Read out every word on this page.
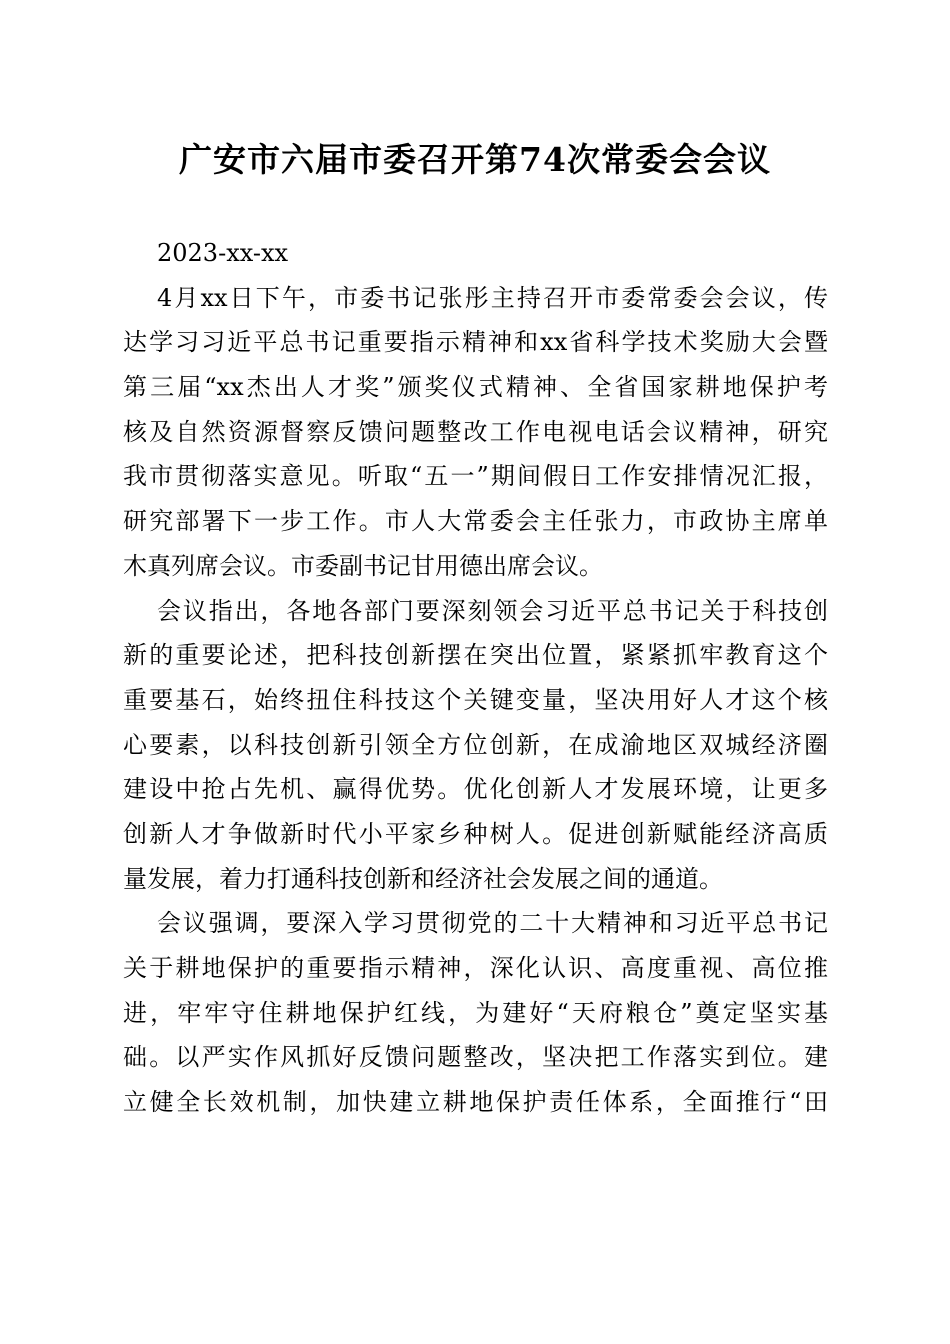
广安市六届市委召开第74次常委会会议
2023-xx-xx
4月xx日下午，市委书记张彤主持召开市委常委会会议，传
达学习习近平总书记重要指示精神和xx省科学技术奖励大会暨
第三届“xx杰出人才奖”颁奖仪式精神、全省国家耕地保护考
核及自然资源督察反馈问题整改工作电视电话会议精神，研究
我市贯彻落实意见。听取“五一”期间假日工作安排情况汇报，
研究部署下一步工作。市人大常委会主任张力，市政协主席单
木真列席会议。市委副书记甘用德出席会议。
会议指出，各地各部门要深刻领会习近平总书记关于科技创
新的重要论述，把科技创新摆在突出位置，紧紧抓牢教育这个
重要基石，始终扭住科技这个关键变量，坚决用好人才这个核
心要素，以科技创新引领全方位创新，在成渝地区双城经济圈
建设中抢占先机、赢得优势。优化创新人才发展环境，让更多
创新人才争做新时代小平家乡种树人。促进创新赋能经济高质
量发展，着力打通科技创新和经济社会发展之间的通道。
会议强调，要深入学习贯彻党的二十大精神和习近平总书记
关于耕地保护的重要指示精神，深化认识、高度重视、高位推
进，牢牢守住耕地保护红线，为建好“天府粮仓”奠定坚实基
础。以严实作风抓好反馈问题整改，坚决把工作落实到位。建
立健全长效机制，加快建立耕地保护责任体系，全面推行“田
